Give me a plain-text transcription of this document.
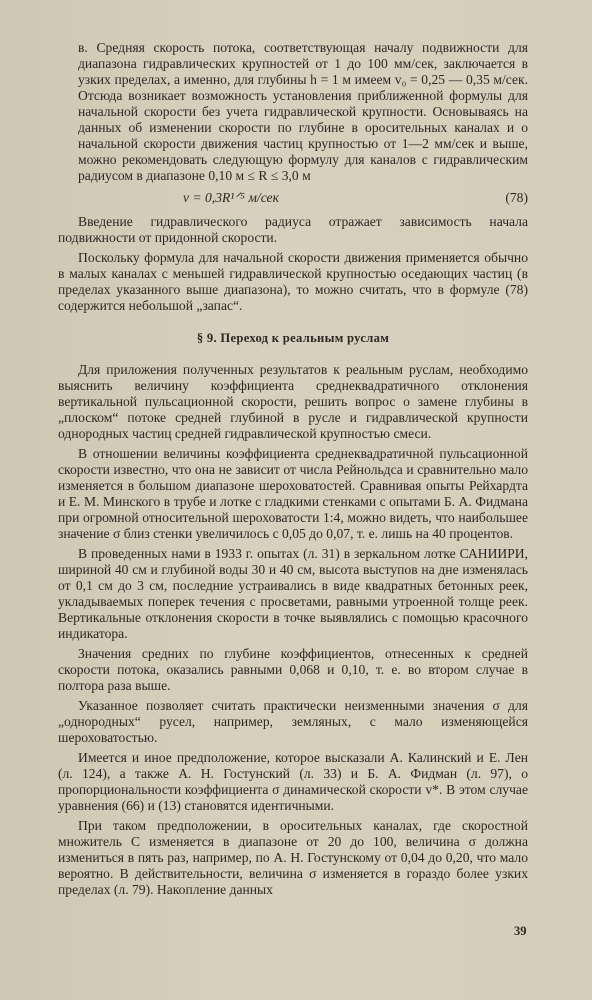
в. Средняя скорость потока, соответствующая началу подвижности для диапазона гидравлических крупностей от 1 до 100 мм/сек, заключается в узких пределах, а именно, для глубины h = 1 м имеем v₀ = 0,25 — 0,35 м/сек. Отсюда возникает возможность установления приближенной формулы для начальной скорости без учета гидравлической крупности. Основываясь на данных об изменении скорости по глубине в оросительных каналах и о начальной скорости движения частиц крупностью от 1—2 мм/сек и выше, можно рекомендовать следующую формулу для каналов с гидравлическим радиусом в диапазоне 0,10 м ≤ R ≤ 3,0 м

v = 0,3R¹ᐟ⁵ м/сек	(78)

Введение гидравлического радиуса отражает зависимость начала подвижности от придонной скорости.

Поскольку формула для начальной скорости движения применяется обычно в малых каналах с меньшей гидравлической крупностью оседающих частиц (в пределах указанного выше диапазона), то можно считать, что в формуле (78) содержится небольшой „запас“.

§ 9. Переход к реальным руслам

Для приложения полученных результатов к реальным руслам, необходимо выяснить величину коэффициента среднеквадратичного отклонения вертикальной пульсационной скорости, решить вопрос о замене глубины в „плоском“ потоке средней глубиной в русле и гидравлической крупности однородных частиц средней гидравлической крупностью смеси.

В отношении величины коэффициента среднеквадратичной пульсационной скорости известно, что она не зависит от числа Рейнольдса и сравнительно мало изменяется в большом диапазоне шероховатостей. Сравнивая опыты Рейхардта и Е. М. Минского в трубе и лотке с гладкими стенками с опытами Б. А. Фидмана при огромной относительной шероховатости 1:4, можно видеть, что наибольшее значение σ близ стенки увеличилось с 0,05 до 0,07, т. е. лишь на 40 процентов.

В проведенных нами в 1933 г. опытах (л. 31) в зеркальном лотке САНИИРИ, шириной 40 см и глубиной воды 30 и 40 см, высота выступов на дне изменялась от 0,1 см до 3 см, последние устраивались в виде квадратных бетонных реек, укладываемых поперек течения с просветами, равными утроенной толще реек. Вертикальные отклонения скорости в точке выявлялись с помощью красочного индикатора.

Значения средних по глубине коэффициентов, отнесенных к средней скорости потока, оказались равными 0,068 и 0,10, т. е. во втором случае в полтора раза выше.

Указанное позволяет считать практически неизменными значения σ для „однородных“ русел, например, земляных, с мало изменяющейся шероховатостью.

Имеется и иное предположение, которое высказали А. Калинский и Е. Лен (л. 124), а также А. Н. Гостунский (л. 33) и Б. А. Фидман (л. 97), о пропорциональности коэффициента σ динамической скорости v*. В этом случае уравнения (66) и (13) становятся идентичными.

При таком предположении, в оросительных каналах, где скоростной множитель C изменяется в диапазоне от 20 до 100, величина σ должна измениться в пять раз, например, по А. Н. Гостунскому от 0,04 до 0,20, что мало вероятно. В действительности, величина σ изменяется в гораздо более узких пределах (л. 79). Накопление данных

39
